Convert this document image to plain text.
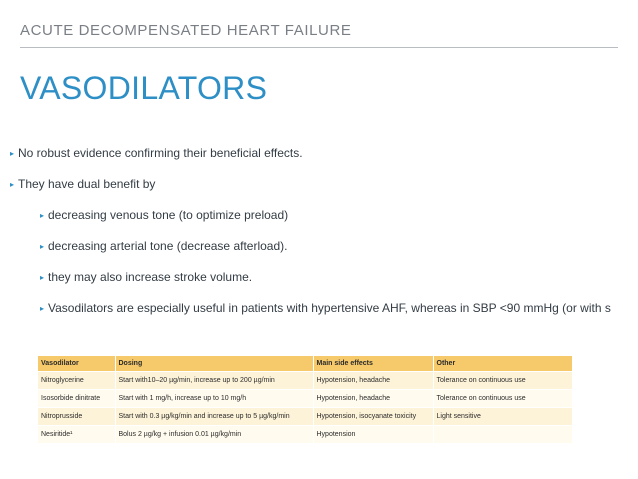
ACUTE DECOMPENSATED HEART FAILURE
VASODILATORS
▸ No robust evidence confirming their beneficial effects.
▸ They have dual benefit by
▸ decreasing venous tone (to optimize preload)
▸ decreasing arterial tone (decrease afterload).
▸ they may also increase stroke volume.
▸ Vasodilators are especially useful in patients with hypertensive AHF, whereas in SBP <90 mmHg (or with s
Vasodilator	Dosing	Main side effects	Other
Nitroglycerine	Start with10–20 µg/min, increase up to 200 µg/min	Hypotension, headache	Tolerance on continuous use
Isosorbide dinitrate	Start with 1 mg/h, increase up to 10 mg/h	Hypotension, headache	Tolerance on continuous use
Nitroprusside	Start with 0.3 µg/kg/min and increase up to 5 µg/kg/min	Hypotension, isocyanate toxicity	Light sensitive
Nesiritide¹	Bolus 2 µg/kg + infusion 0.01 µg/kg/min	Hypotension	
